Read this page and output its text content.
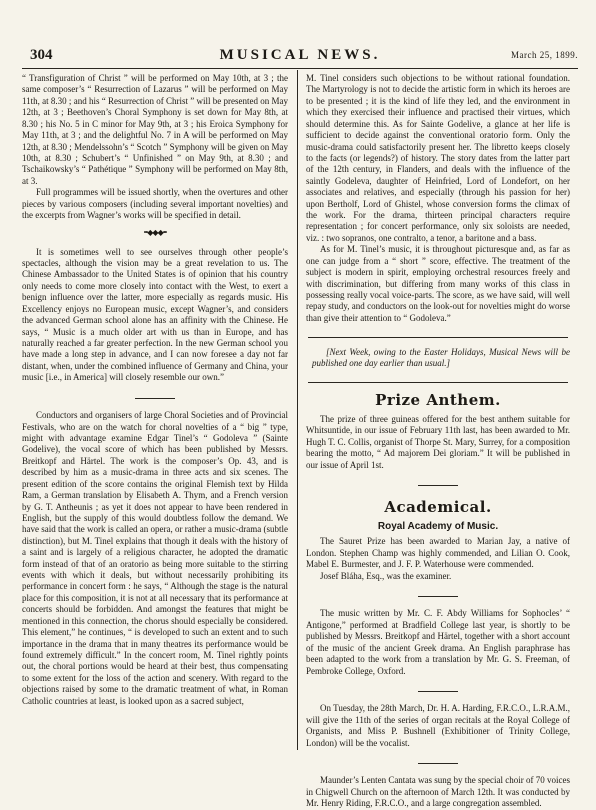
304	MUSICAL NEWS.	March 25, 1899.

“ Transfiguration of Christ ” will be performed on May 10th, at 3 ; the same composer’s “ Resurrection of Lazarus ” will be performed on May 11th, at 8.30 ; and his “ Resurrection of Christ ” will be presented on May 12th, at 3 ; Beethoven’s Choral Symphony is set down for May 8th, at 8.30 ; his No. 5 in C minor for May 9th, at 3 ; his Eroica Symphony for May 11th, at 3 ; and the delightful No. 7 in A will be performed on May 12th, at 8.30 ; Mendelssohn’s “ Scotch ” Symphony will be given on May 10th, at 8.30 ; Schubert’s “ Unfinished ” on May 9th, at 8.30 ; and Tschaikowsky’s “ Pathétique ” Symphony will be performed on May 8th, at 3.

Full programmes will be issued shortly, when the overtures and other pieces by various composers (including several important novelties) and the excerpts from Wagner’s works will be specified in detail.

••◆◆◆••

It is sometimes well to see ourselves through other people’s spectacles, although the vision may be a great revelation to us. The Chinese Ambassador to the United States is of opinion that his country only needs to come more closely into contact with the West, to exert a benign influence over the latter, more especially as regards music. His Excellency enjoys no European music, except Wagner’s, and considers the advanced German school alone has an affinity with the Chinese. He says, “ Music is a much older art with us than in Europe, and has naturally reached a far greater perfection. In the new German school you have made a long step in advance, and I can now foresee a day not far distant, when, under the combined influence of Germany and China, your music [i.e., in America] will closely resemble our own.”

Conductors and organisers of large Choral Societies and of Provincial Festivals, who are on the watch for choral novelties of a “ big ” type, might with advantage examine Edgar Tinel’s “ Godoleva ” (Sainte Godelive), the vocal score of which has been published by Messrs. Breitkopf and Härtel. The work is the composer’s Op. 43, and is described by him as a music-drama in three acts and six scenes. The present edition of the score contains the original Flemish text by Hilda Ram, a German translation by Elisabeth A. Thym, and a French version by G. T. Antheunis ; as yet it does not appear to have been rendered in English, but the supply of this would doubtless follow the demand. We have said that the work is called an opera, or rather a music-drama (subtle distinction), but M. Tinel explains that though it deals with the history of a saint and is largely of a religious character, he adopted the dramatic form instead of that of an oratorio as being more suitable to the stirring events with which it deals, but without necessarily prohibiting its performance in concert form : he says, “ Although the stage is the natural place for this composition, it is not at all necessary that its performance at concerts should be forbidden. And amongst the features that might be mentioned in this connection, the chorus should especially be considered. This element,” he continues, “ is developed to such an extent and to such importance in the drama that in many theatres its performance would be found extremely difficult.” In the concert room, M. Tinel rightly points out, the choral portions would be heard at their best, thus compensating to some extent for the loss of the action and scenery. With regard to the objections raised by some to the dramatic treatment of what, in Roman Catholic countries at least, is looked upon as a sacred subject,

M. Tinel considers such objections to be without rational foundation. The Martyrology is not to decide the artistic form in which its heroes are to be presented ; it is the kind of life they led, and the environment in which they exercised their influence and practised their virtues, which should determine this. As for Sainte Godelive, a glance at her life is sufficient to decide against the conventional oratorio form. Only the music-drama could satisfactorily present her. The libretto keeps closely to the facts (or legends?) of history. The story dates from the latter part of the 12th century, in Flanders, and deals with the influence of the saintly Godeleva, daughter of Heinfried, Lord of Londefort, on her associates and relatives, and especially (through his passion for her) upon Bertholf, Lord of Ghistel, whose conversion forms the climax of the work. For the drama, thirteen principal characters require representation ; for concert performance, only six soloists are needed, viz. : two sopranos, one contralto, a tenor, a baritone and a bass.

As for M. Tinel’s music, it is throughout picturesque and, as far as one can judge from a “ short ” score, effective. The treatment of the subject is modern in spirit, employing orchestral resources freely and with discrimination, but differing from many works of this class in possessing really vocal voice-parts. The score, as we have said, will well repay study, and conductors on the look-out for novelties might do worse than give their attention to “ Godoleva.”

[Next Week, owing to the Easter Holidays, Musical News will be published one day earlier than usual.]

Prize Anthem.

The prize of three guineas offered for the best anthem suitable for Whitsuntide, in our issue of February 11th last, has been awarded to Mr. Hugh T. C. Collis, organist of Thorpe St. Mary, Surrey, for a composition bearing the motto, “ Ad majorem Dei gloriam.” It will be published in our issue of April 1st.

Academical.
Royal Academy of Music.

The Sauret Prize has been awarded to Marian Jay, a native of London. Stephen Champ was highly commended, and Lilian O. Cook, Mabel E. Burmester, and J. F. P. Waterhouse were commended.

Josef Bláha, Esq., was the examiner.

The music written by Mr. C. F. Abdy Williams for Sophocles’ “ Antigone,” performed at Bradfield College last year, is shortly to be published by Messrs. Breitkopf and Härtel, together with a short account of the music of the ancient Greek drama. An English paraphrase has been adapted to the work from a translation by Mr. G. S. Freeman, of Pembroke College, Oxford.

On Tuesday, the 28th March, Dr. H. A. Harding, F.R.C.O., L.R.A.M., will give the 11th of the series of organ recitals at the Royal College of Organists, and Miss P. Bushnell (Exhibitioner of Trinity College, London) will be the vocalist.

Maunder’s Lenten Cantata was sung by the special choir of 70 voices in Chigwell Church on the afternoon of March 12th. It was conducted by Mr. Henry Riding, F.R.C.O., and a large congregation assembled.
